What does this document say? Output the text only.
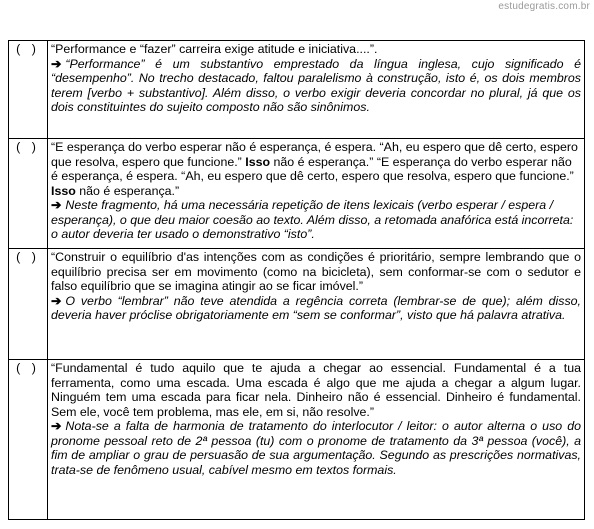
estudegratis.com.br
( )	“Performance e “fazer” carreira exige atitude e iniciativa....”.
➔ “Performance” é um substantivo emprestado da língua inglesa, cujo significado é “desempenho”. No trecho destacado, faltou paralelismo à construção, isto é, os dois membros terem [verbo + substantivo]. Além disso, o verbo exigir deveria concordar no plural, já que os dois constituintes do sujeito composto não são sinônimos.

( )	“E esperança do verbo esperar não é esperança, é espera. “Ah, eu espero que dê certo, espero que resolva, espero que funcione.” Isso não é esperança.” “E esperança do verbo esperar não é esperança, é espera. “Ah, eu espero que dê certo, espero que resolva, espero que funcione.” Isso não é esperança.”
➔ Neste fragmento, há uma necessária repetição de itens lexicais (verbo esperar / espera / esperança), o que deu maior coesão ao texto. Além disso, a retomada anafórica está incorreta: o autor deveria ter usado o demonstrativo “isto”.

( )	“Construir o equilíbrio d'as intenções com as condições é prioritário, sempre lembrando que o equilíbrio precisa ser em movimento (como na bicicleta), sem conformar-se com o sedutor e falso equilíbrio que se imagina atingir ao se ficar imóvel.”
➔ O verbo “lembrar” não teve atendida a regência correta (lembrar-se de que); além disso, deveria haver próclise obrigatoriamente em “sem se conformar”, visto que há palavra atrativa.

( )	“Fundamental é tudo aquilo que te ajuda a chegar ao essencial. Fundamental é a tua ferramenta, como uma escada. Uma escada é algo que me ajuda a chegar a algum lugar. Ninguém tem uma escada para ficar nela. Dinheiro não é essencial. Dinheiro é fundamental. Sem ele, você tem problema, mas ele, em si, não resolve.”
➔ Nota-se a falta de harmonia de tratamento do interlocutor / leitor: o autor alterna o uso do pronome pessoal reto de 2ª pessoa (tu) com o pronome de tratamento da 3ª pessoa (você), a fim de ampliar o grau de persuasão de sua argumentação. Segundo as prescrições normativas, trata-se de fenômeno usual, cabível mesmo em textos formais.
